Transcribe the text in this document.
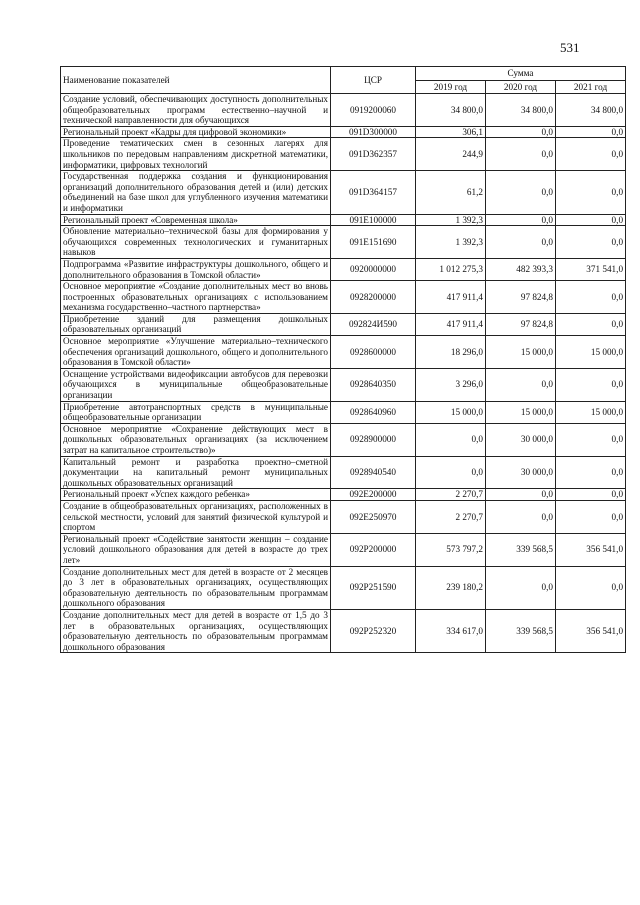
531
Наименование показателей	ЦСР	Сумма		
		2019 год	2020 год	2021 год
Создание условий, обеспечивающих доступность дополнительных общеобразовательных программ естественно–научной и технической направленности для обучающихся	0919200060	34 800,0	34 800,0	34 800,0
Региональный проект «Кадры для цифровой экономики»	091D300000	306,1	0,0	0,0
Проведение тематических смен в сезонных лагерях для школьников по передовым направлениям дискретной математики, информатики, цифровых технологий	091D362357	244,9	0,0	0,0
Государственная поддержка создания и функционирования организаций дополнительного образования детей и (или) детских объединений на базе школ для углубленного изучения математики и информатики	091D364157	61,2	0,0	0,0
Региональный проект «Современная школа»	091E100000	1 392,3	0,0	0,0
Обновление материально–технической базы для формирования у обучающихся современных технологических и гуманитарных навыков	091E151690	1 392,3	0,0	0,0
Подпрограмма «Развитие инфраструктуры дошкольного, общего и дополнительного образования в Томской области»	0920000000	1 012 275,3	482 393,3	371 541,0
Основное мероприятие «Создание дополнительных мест во вновь построенных образовательных организациях с использованием механизма государственно–частного партнерства»	0928200000	417 911,4	97 824,8	0,0
Приобретение зданий для размещения дошкольных образовательных организаций	092824И590	417 911,4	97 824,8	0,0
Основное мероприятие «Улучшение материально–технического обеспечения организаций дошкольного, общего и дополнительного образования в Томской области»	0928600000	18 296,0	15 000,0	15 000,0
Оснащение устройствами видеофиксации автобусов для перевозки обучающихся в муниципальные общеобразовательные организации	0928640350	3 296,0	0,0	0,0
Приобретение автотранспортных средств в муниципальные общеобразовательные организации	0928640960	15 000,0	15 000,0	15 000,0
Основное мероприятие «Сохранение действующих мест в дошкольных образовательных организациях (за исключением затрат на капитальное строительство)»	0928900000	0,0	30 000,0	0,0
Капитальный ремонт и разработка проектно–сметной документации на капитальный ремонт муниципальных дошкольных образовательных организаций	0928940540	0,0	30 000,0	0,0
Региональный проект «Успех каждого ребенка»	092E200000	2 270,7	0,0	0,0
Создание в общеобразовательных организациях, расположенных в сельской местности, условий для занятий физической культурой и спортом	092E250970	2 270,7	0,0	0,0
Региональный проект «Содействие занятости женщин – создание условий дошкольного образования для детей в возрасте до трех лет»	092P200000	573 797,2	339 568,5	356 541,0
Создание дополнительных мест для детей в возрасте от 2 месяцев до 3 лет в образовательных организациях, осуществляющих образовательную деятельность по образовательным программам дошкольного образования	092P251590	239 180,2	0,0	0,0
Создание дополнительных мест для детей в возрасте от 1,5 до 3 лет в образовательных организациях, осуществляющих образовательную деятельность по образовательным программам дошкольного образования	092P252320	334 617,0	339 568,5	356 541,0
